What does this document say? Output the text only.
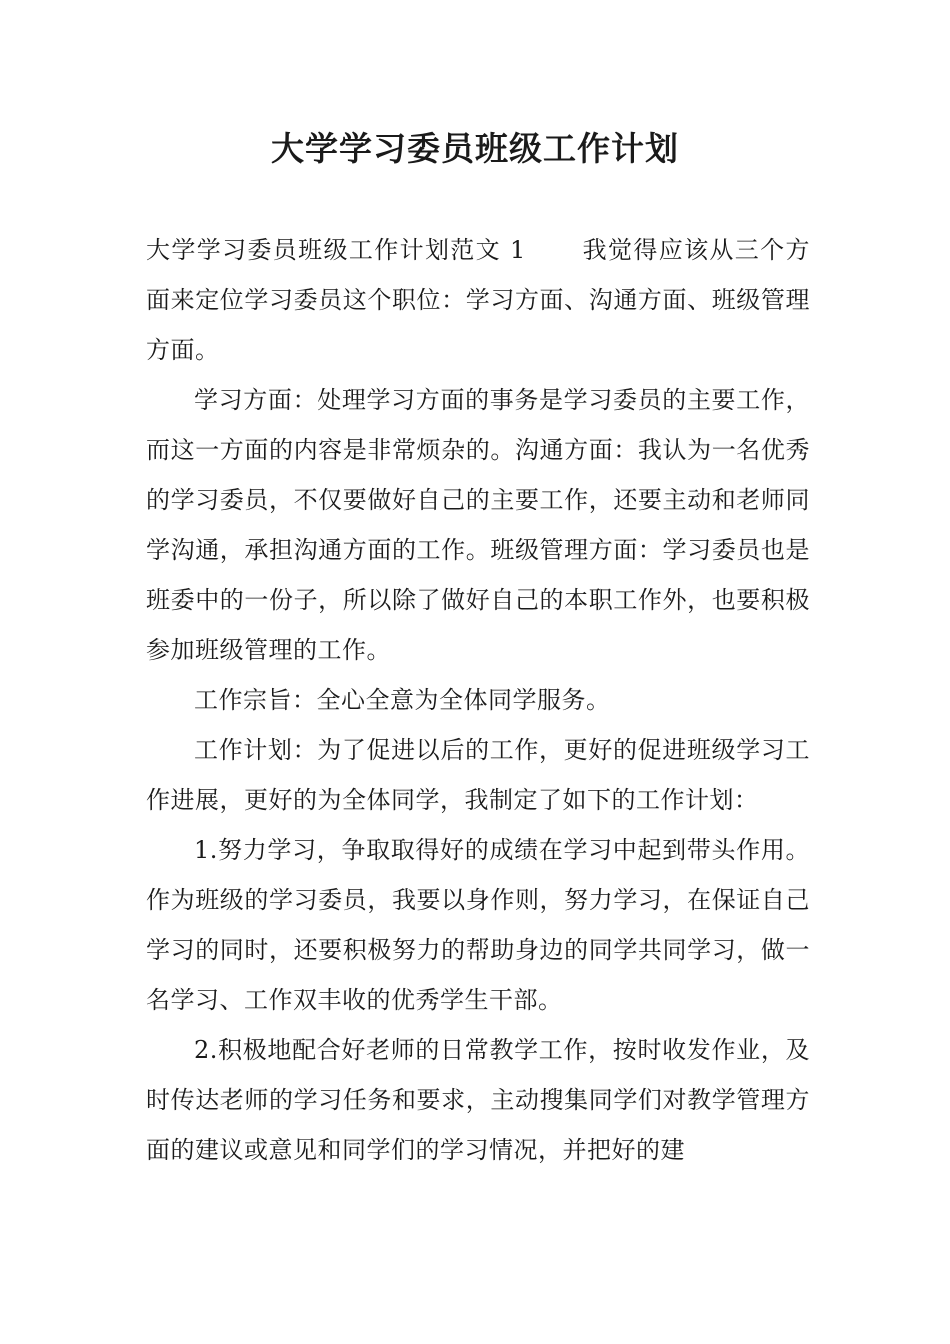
大学学习委员班级工作计划

大学学习委员班级工作计划范文 1 我觉得应该从三个方面来定位学习委员这个职位：学习方面、沟通方面、班级管理方面。

学习方面：处理学习方面的事务是学习委员的主要工作，而这一方面的内容是非常烦杂的。沟通方面：我认为一名优秀的学习委员，不仅要做好自己的主要工作，还要主动和老师同学沟通，承担沟通方面的工作。班级管理方面：学习委员也是班委中的一份子，所以除了做好自己的本职工作外，也要积极参加班级管理的工作。

工作宗旨：全心全意为全体同学服务。

工作计划：为了促进以后的工作，更好的促进班级学习工作进展，更好的为全体同学，我制定了如下的工作计划：

1.努力学习，争取取得好的成绩在学习中起到带头作用。作为班级的学习委员，我要以身作则，努力学习，在保证自己学习的同时，还要积极努力的帮助身边的同学共同学习，做一名学习、工作双丰收的优秀学生干部。

2.积极地配合好老师的日常教学工作，按时收发作业，及时传达老师的学习任务和要求，主动搜集同学们对教学管理方面的建议或意见和同学们的学习情况，并把好的建
